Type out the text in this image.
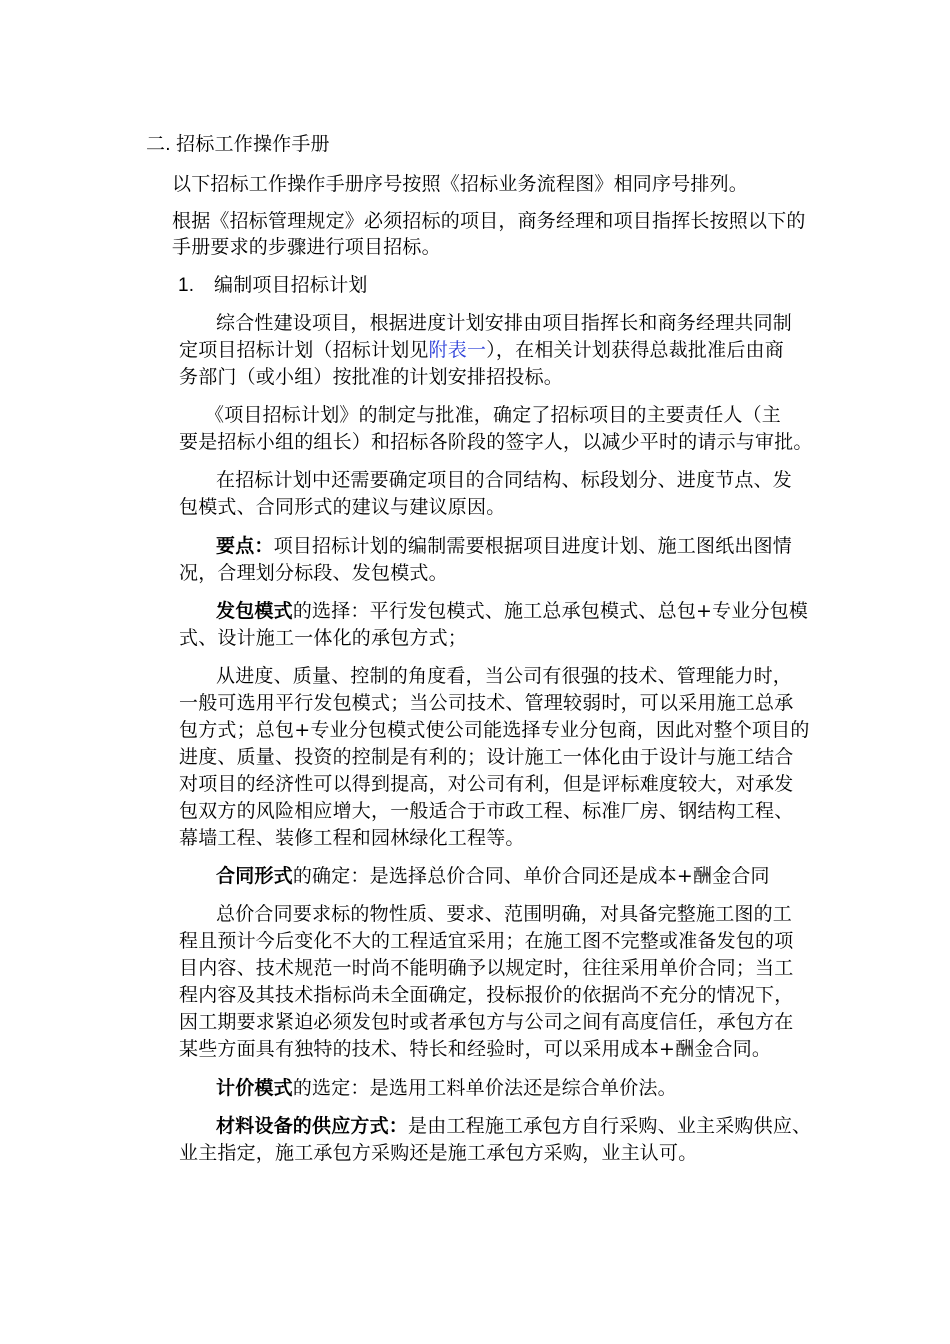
二. 招标工作操作手册
以下招标工作操作手册序号按照《招标业务流程图》相同序号排列。
根据《招标管理规定》必须招标的项目，商务经理和项目指挥长按照以下的
手册要求的步骤进行项目招标。
1. 编制项目招标计划
综合性建设项目，根据进度计划安排由项目指挥长和商务经理共同制
定项目招标计划（招标计划见附表一），在相关计划获得总裁批准后由商
务部门（或小组）按批准的计划安排招投标。
《项目招标计划》的制定与批准，确定了招标项目的主要责任人（主
要是招标小组的组长）和招标各阶段的签字人，以减少平时的请示与审批。
在招标计划中还需要确定项目的合同结构、标段划分、进度节点、发
包模式、合同形式的建议与建议原因。
要点：项目招标计划的编制需要根据项目进度计划、施工图纸出图情
况，合理划分标段、发包模式。
发包模式的选择：平行发包模式、施工总承包模式、总包+专业分包模
式、设计施工一体化的承包方式；
从进度、质量、控制的角度看，当公司有很强的技术、管理能力时，
一般可选用平行发包模式；当公司技术、管理较弱时，可以采用施工总承
包方式；总包+专业分包模式使公司能选择专业分包商，因此对整个项目的
进度、质量、投资的控制是有利的；设计施工一体化由于设计与施工结合
对项目的经济性可以得到提高，对公司有利，但是评标难度较大，对承发
包双方的风险相应增大，一般适合于市政工程、标准厂房、钢结构工程、
幕墙工程、装修工程和园林绿化工程等。
合同形式的确定：是选择总价合同、单价合同还是成本+酬金合同
总价合同要求标的物性质、要求、范围明确，对具备完整施工图的工
程且预计今后变化不大的工程适宜采用；在施工图不完整或准备发包的项
目内容、技术规范一时尚不能明确予以规定时，往往采用单价合同；当工
程内容及其技术指标尚未全面确定，投标报价的依据尚不充分的情况下，
因工期要求紧迫必须发包时或者承包方与公司之间有高度信任，承包方在
某些方面具有独特的技术、特长和经验时，可以采用成本+酬金合同。
计价模式的选定：是选用工料单价法还是综合单价法。
材料设备的供应方式：是由工程施工承包方自行采购、业主采购供应、
业主指定，施工承包方采购还是施工承包方采购，业主认可。
